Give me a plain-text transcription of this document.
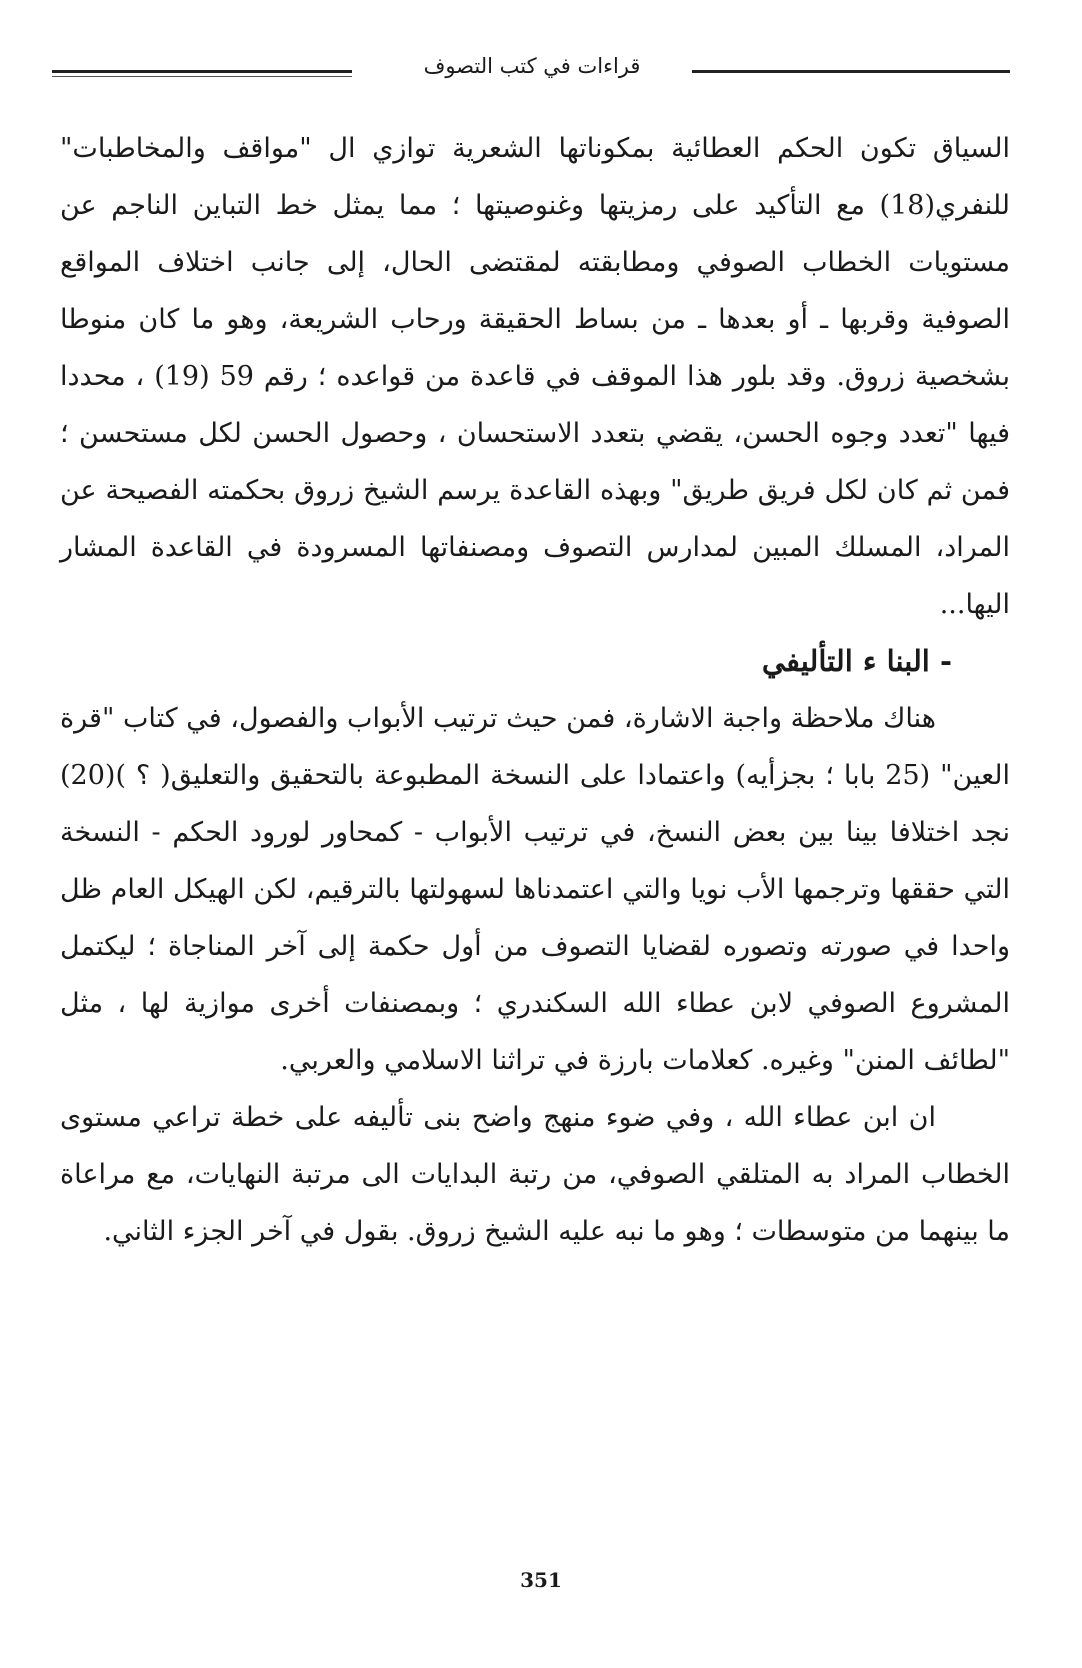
قراءات في كتب التصوف

السياق تكون الحكم العطائية بمكوناتها الشعرية توازي ال "مواقف والمخاطبات" للنفري(18) مع التأكيد على رمزيتها وغنوصيتها ؛ مما يمثل خط التباين الناجم عن مستويات الخطاب الصوفي ومطابقته لمقتضى الحال، إلى جانب اختلاف المواقع الصوفية وقربها ـ أو بعدها ـ من بساط الحقيقة ورحاب الشريعة، وهو ما كان منوطا بشخصية زروق. وقد بلور هذا الموقف في قاعدة من قواعده ؛ رقم 59 (19) ، محددا فيها "تعدد وجوه الحسن، يقضي بتعدد الاستحسان ، وحصول الحسن لكل مستحسن ؛ فمن ثم كان لكل فريق طريق" وبهذه القاعدة يرسم الشيخ زروق بحكمته الفصيحة عن المراد، المسلك المبين لمدارس التصوف ومصنفاتها المسرودة في القاعدة المشار اليها...

- البنا ء التأليفي

هناك ملاحظة واجبة الاشارة، فمن حيث ترتيب الأبواب والفصول، في كتاب "قرة العين" (25 بابا ؛ بجزأيه) واعتمادا على النسخة المطبوعة بالتحقيق والتعليق( ؟ )(20) نجد اختلافا بينا بين بعض النسخ، في ترتيب الأبواب - كمحاور لورود الحكم - النسخة التي حققها وترجمها الأب نويا والتي اعتمدناها لسهولتها بالترقيم، لكن الهيكل العام ظل واحدا في صورته وتصوره لقضايا التصوف من أول حكمة إلى آخر المناجاة ؛ ليكتمل المشروع الصوفي لابن عطاء الله السكندري ؛ وبمصنفات أخرى موازية لها ، مثل "لطائف المنن" وغيره. كعلامات بارزة في تراثنا الاسلامي والعربي.

ان ابن عطاء الله ، وفي ضوء منهج واضح بنى تأليفه على خطة تراعي مستوى الخطاب المراد به المتلقي الصوفي، من رتبة البدايات الى مرتبة النهايات، مع مراعاة ما بينهما من متوسطات ؛ وهو ما نبه عليه الشيخ زروق. بقول في آخر الجزء الثاني.

351
